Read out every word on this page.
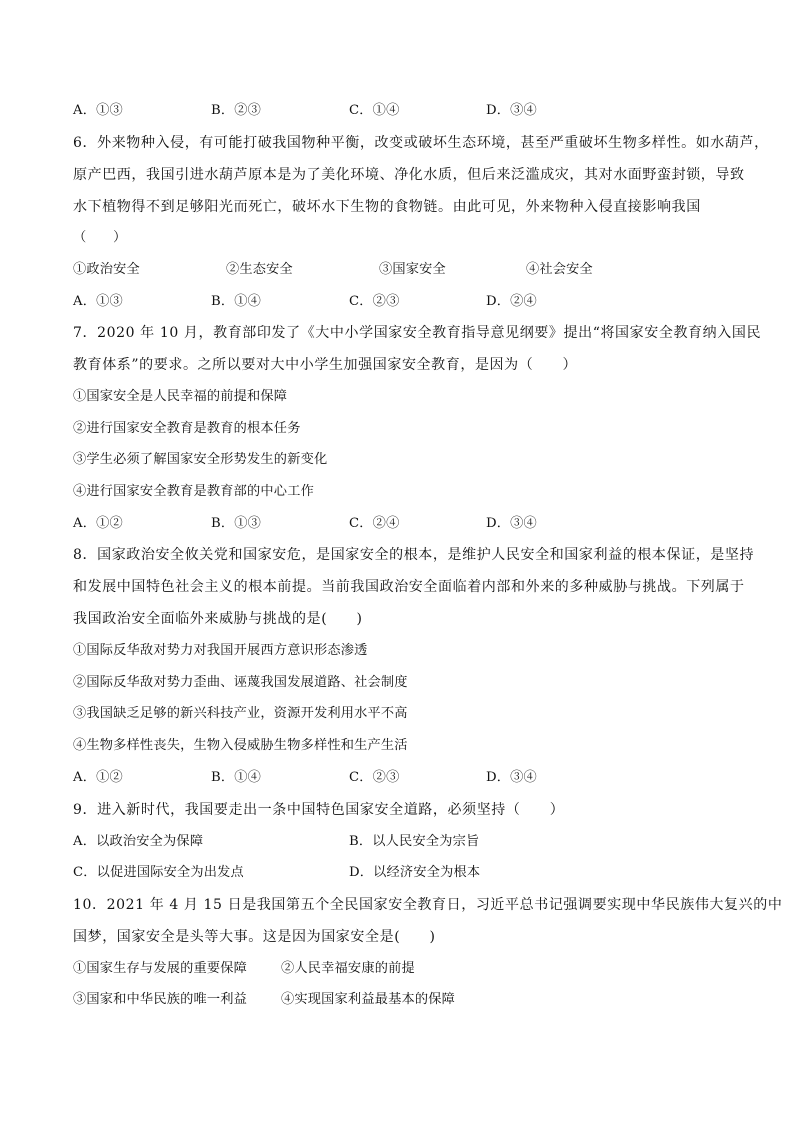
A．①③	B．②③	C．①④	D．③④
6．外来物种入侵，有可能打破我国物种平衡，改变或破坏生态环境，甚至严重破坏生物多样性。如水葫芦，
原产巴西，我国引进水葫芦原本是为了美化环境、净化水质，但后来泛滥成灾，其对水面野蛮封锁，导致
水下植物得不到足够阳光而死亡，破坏水下生物的食物链。由此可见，外来物种入侵直接影响我国
（　　）
①政治安全	②生态安全	③国家安全	④社会安全
A．①③	B．①④	C．②③	D．②④
7．2020 年 10 月，教育部印发了《大中小学国家安全教育指导意见纲要》提出“将国家安全教育纳入国民
教育体系”的要求。之所以要对大中小学生加强国家安全教育，是因为（　　）
①国家安全是人民幸福的前提和保障
②进行国家安全教育是教育的根本任务
③学生必须了解国家安全形势发生的新变化
④进行国家安全教育是教育部的中心工作
A．①②	B．①③	C．②④	D．③④
8．国家政治安全攸关党和国家安危，是国家安全的根本，是维护人民安全和国家利益的根本保证，是坚持
和发展中国特色社会主义的根本前提。当前我国政治安全面临着内部和外来的多种威胁与挑战。下列属于
我国政治安全面临外来威胁与挑战的是(　　)
①国际反华敌对势力对我国开展西方意识形态渗透
②国际反华敌对势力歪曲、诬蔑我国发展道路、社会制度
③我国缺乏足够的新兴科技产业，资源开发利用水平不高
④生物多样性丧失，生物入侵威胁生物多样性和生产生活
A．①②	B．①④	C．②③	D．③④
9．进入新时代，我国要走出一条中国特色国家安全道路，必须坚持（　　）
A．以政治安全为保障	B．以人民安全为宗旨
C．以促进国际安全为出发点	D．以经济安全为根本
10．2021 年 4 月 15 日是我国第五个全民国家安全教育日，习近平总书记强调要实现中华民族伟大复兴的中
国梦，国家安全是头等大事。这是因为国家安全是(　　)
①国家生存与发展的重要保障	②人民幸福安康的前提
③国家和中华民族的唯一利益	④实现国家利益最基本的保障
